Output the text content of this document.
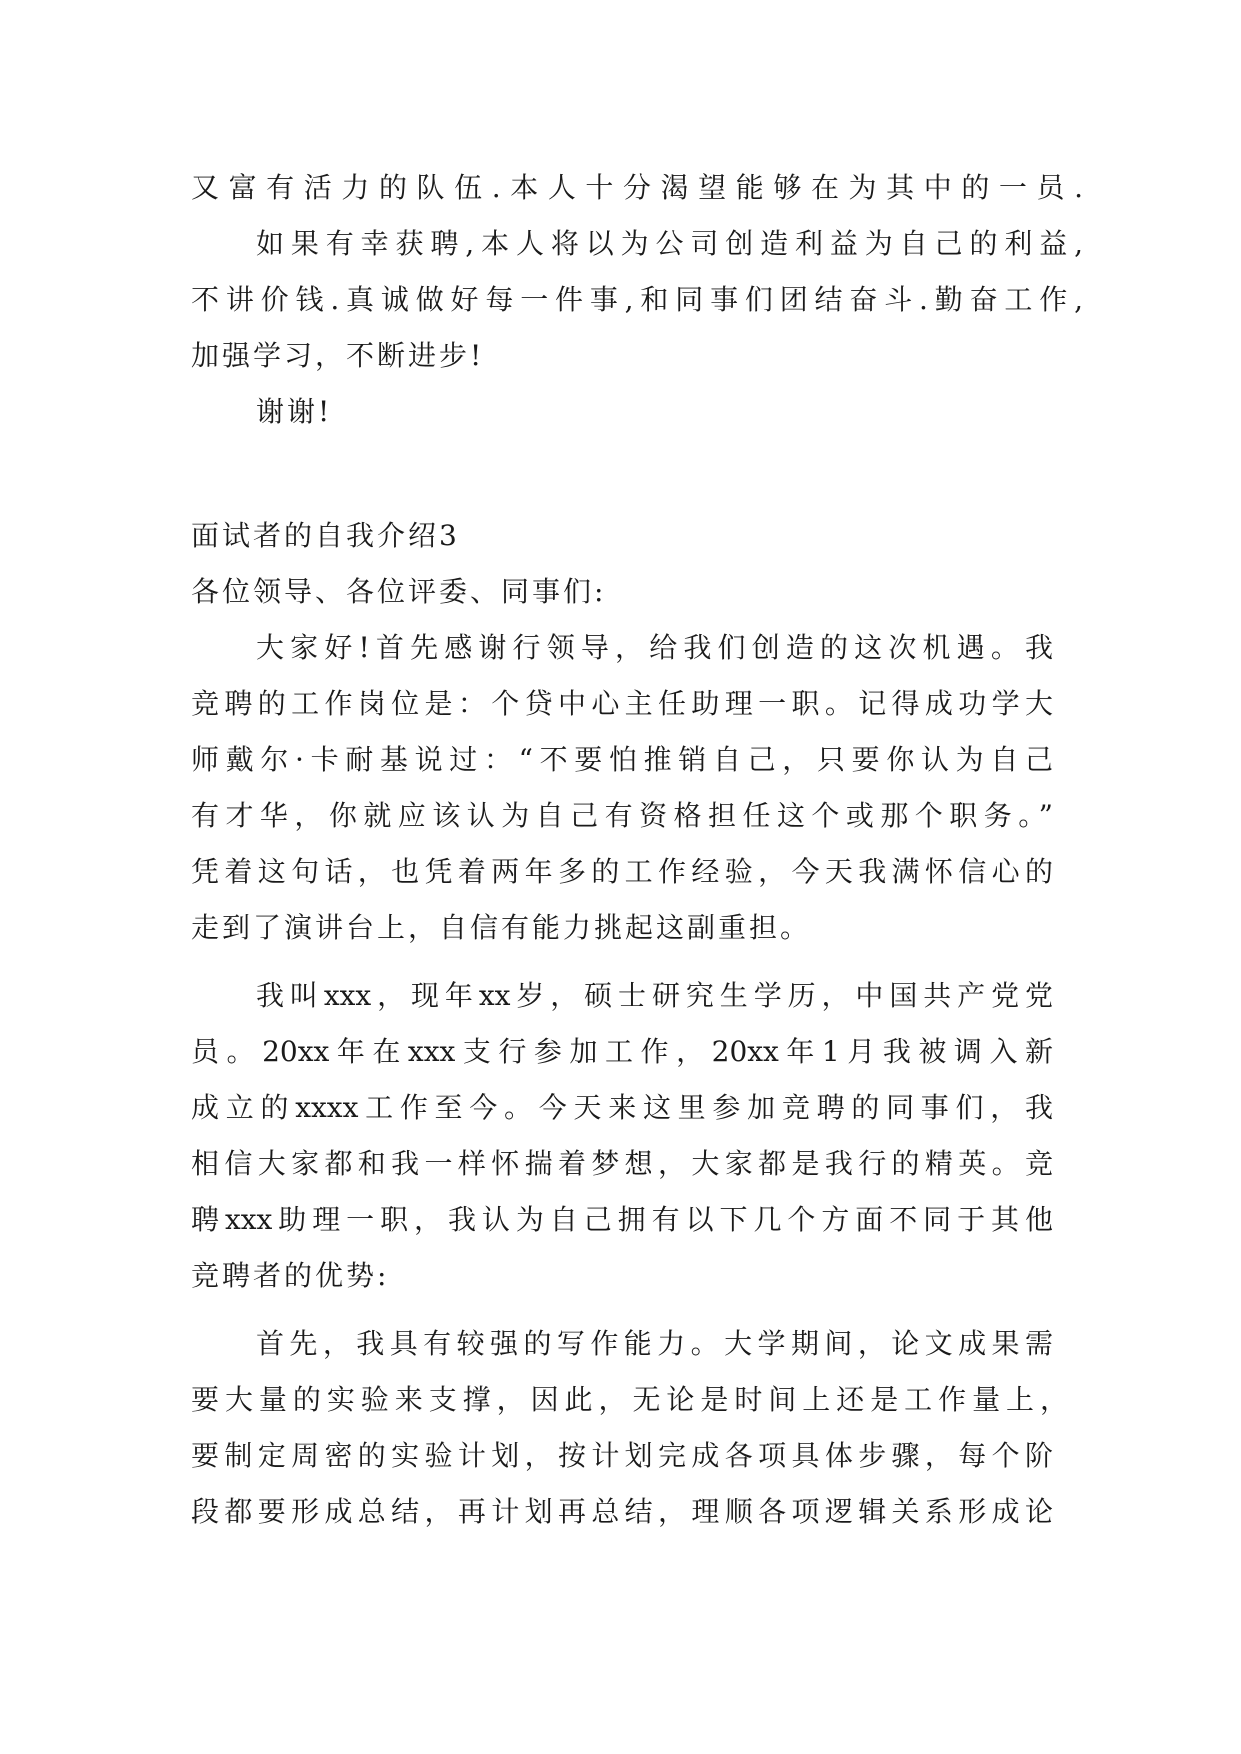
又富有活力的队伍.本人十分渴望能够在为其中的一员.
如果有幸获聘,本人将以为公司创造利益为自己的利益,
不讲价钱.真诚做好每一件事,和同事们团结奋斗.勤奋工作,
加强学习，不断进步!
谢谢!
面试者的自我介绍3
各位领导、各位评委、同事们:
大家好!首先感谢行领导，给我们创造的这次机遇。我
竞聘的工作岗位是：个贷中心主任助理一职。记得成功学大
师戴尔·卡耐基说过：“不要怕推销自己，只要你认为自己
有才华，你就应该认为自己有资格担任这个或那个职务。”
凭着这句话，也凭着两年多的工作经验，今天我满怀信心的
走到了演讲台上，自信有能力挑起这副重担。
我叫xxx，现年xx岁，硕士研究生学历，中国共产党党
员。20xx年在xxx支行参加工作，20xx年1月我被调入新
成立的xxxx工作至今。今天来这里参加竞聘的同事们，我
相信大家都和我一样怀揣着梦想，大家都是我行的精英。竞
聘xxx助理一职，我认为自己拥有以下几个方面不同于其他
竞聘者的优势:
首先，我具有较强的写作能力。大学期间，论文成果需
要大量的实验来支撑，因此，无论是时间上还是工作量上，
要制定周密的实验计划，按计划完成各项具体步骤，每个阶
段都要形成总结，再计划再总结，理顺各项逻辑关系形成论
